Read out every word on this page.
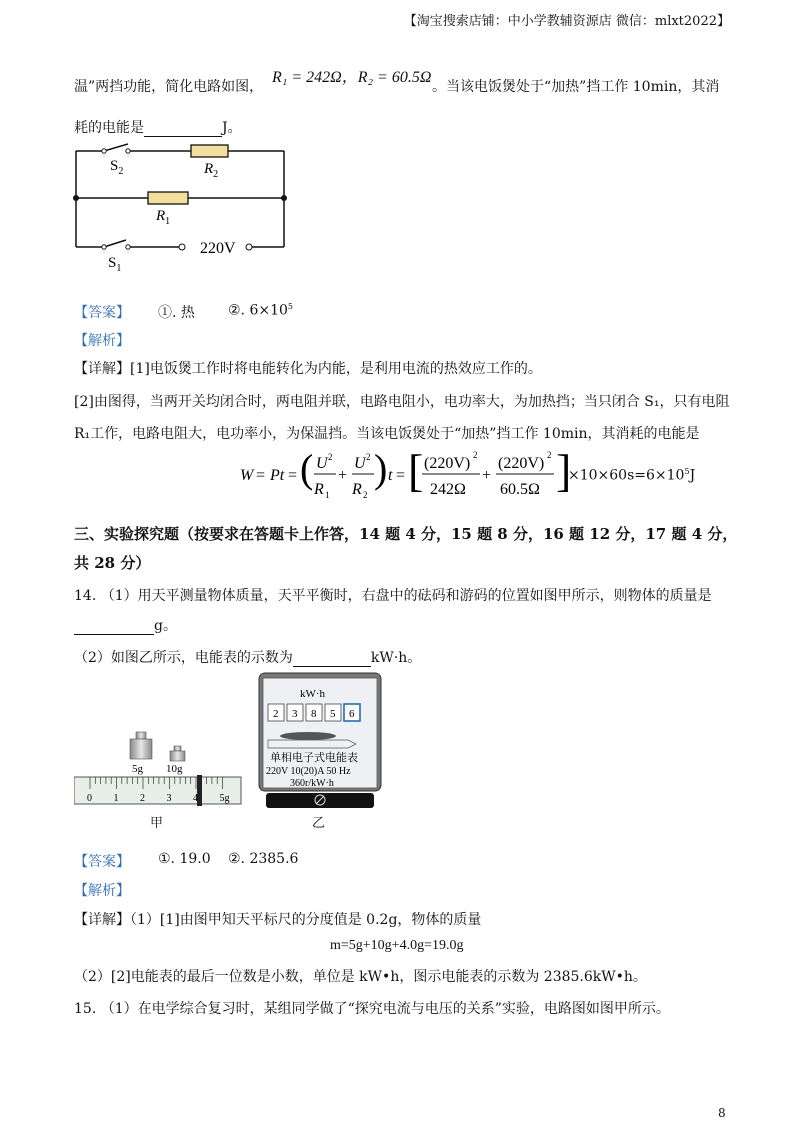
【淘宝搜索店铺：中小学教辅资源店 微信：mlxt2022】
温”两挡功能，简化电路如图，
R₁ = 242Ω，R₂ = 60.5Ω
。当该电饭煲处于“加热”挡工作 10min，其消
耗的电能是	J。
$S_2$	$R_2$
$R_1$
$S_1$
220V
【答案】 ①. 热 ②. $6\times 10^5$
【解析】
【详解】[1]电饭煲工作时将电能转化为内能，是利用电流的热效应工作的。
[2]由图得，当两开关均闭合时，两电阻并联，电路电阻小，电功率大，为加热挡；当只闭合 S₁，只有电阻
R₁工作，电路电阻大，电功率小，为保温挡。当该电饭煲处于“加热”挡工作 10min，其消耗的电能是
W = Pt = ( U 2
R 1
+
U 2
R 2
) t = [ (220V) 2
242Ω
+
(220V) 2
60.5Ω ]
$\times 10\times 60s=6\times 10^5J$
三、实验探究题（按要求在答题卡上作答，14 题 4 分，15 题 8 分，16 题 12 分，17 题 4 分，
共 28 分）
14. （1）用天平测量物体质量，天平平衡时，右盘中的砝码和游码的位置如图甲所示，则物体的质量是
g。
（2）如图乙所示，电能表的示数为	kW·h。
5g 10g
0 1 2 3 4 5g
甲
kW·h
2 3 8 5 6
单相电子式电能表
220V 10(20)A 50 Hz
360r/kW·h
乙
【答案】 ①. 19.0 ②. 2385.6
【解析】
【详解】（1）[1]由图甲知天平标尺的分度值是 0.2g，物体的质量
m=5g+10g+4.0g=19.0g
（2）[2]电能表的最后一位数是小数，单位是 kW•h，图示电能表的示数为 2385.6kW•h。
15. （1）在电学综合复习时，某组同学做了“探究电流与电压的关系”实验，电路图如图甲所示。
8
